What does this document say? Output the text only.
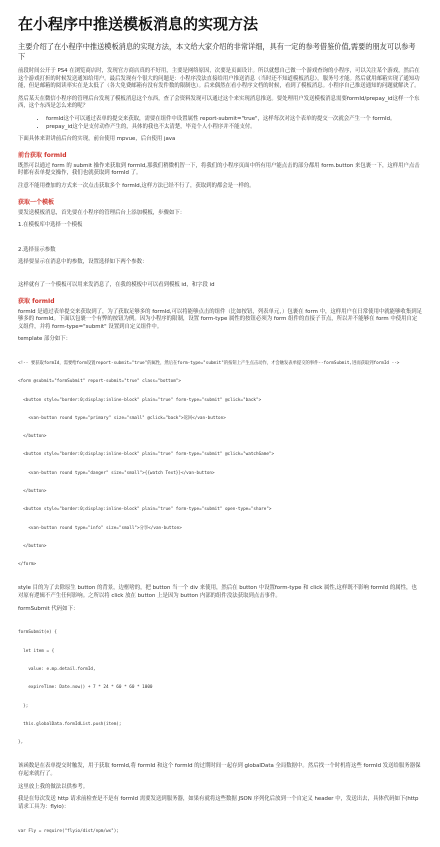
在小程序中推送模板消息的实现方法
主要介绍了在小程序中推送模板消息的实现方法，本文给大家介绍的非常详细，具有一定的参考借鉴价值,需要的朋友可以参考下
前段时间公开于 PS4 在浏览商店时，发现官方商店真的不好用，主要是网络原因，次要是页面设计。所以就想自己做一个游戏查询的小程序，可以关注某个游戏，然后在这个游戏打折的时候发送通知给用户。最后发现有个很大的问题是：小程序没法直接给用户推送消息（当时还不知道模板消息），服务号才能。然后就用邮箱实现了通知功能，但是邮箱的阅读率实在是太低了（各大免费邮箱有没有发件数的限制也）。后来偶然在看小程序文档的时候，看到了模板消息。小程序自己推送通知的问题就解决了。
然后某天在微信小程序的管理后台发现了模板消息这个东西，查了会资料发现可以通过这个来实现消息推送。要处理用户发送模板消息需要formId/prepay_id这样一个东西，这个东西是怎么来的呢？
• formId这个可以通过表单的提交来获取，需要在组件中设置属性 report-submit="true"，这样每次对这个表单的提交一次就会产生一个 formId。
• prepay_id这个是支付动作产生的，具体的我也不太清楚，毕竟个人小程序并不能支付。
下面具体来讲讲前后台的实现，前台使用 mpvue，后台使用 java
前台获取 formId
既然可以通过 form 的 submit 操作来获取到 formId,那我们稍微机智一下，将我们的小程序页面中所有用户能点击的部分都用 form.button 来包裹一下，这样用户点击时都有表单提交操作，我们也就获取到 formId 了。
注意不能用叠加的方式来一次点击获取多个 formId,这样方法已经不行了，获取到的都会是一样的。
获取一个模板
要发送模板消息，首先要在小程序的管理后台上添加模板，步骤如下：
1.在模板库中选择一个模板
2.选择显示参数
选择要显示在消息中的参数，设置选择如下两个参数：
这样就有了一个模板可以用来发消息了，在我的模板中可以看到模板 id，和字段 id
获取 formId
formId 是通过表单提交来获取到了，为了获取足够多的 formId,可以将能够点击的组件（比如按钮，列表单元，）包裹在 form 中，这样用户在日常使用中就能够收集到足够多的 formId。下面以包裹一个有弊的按钮为例。因为小程序的限制，设置 form-type 属性的按钮必须为 form 组件的直接子节点，所以并不能够在 form 中使用自定义组件，并将 form-type="submit" 设置到自定义组件中。
template 部分如下：

<!-- 要获取formId，需要给form设置report-submit="true"的属性，然后在form-type="submit"的按钮上产生点击动作，才会触发表单提交的事件--formSubmit,进而获取到formId -->

<form @submit="formSubmit" report-submit="true" class="bottom">

<button style="border:0;display:inline-block" plain="true" form-type="submit" @click="back">

<van-button round type="primary" size="small" @click="back">返回</van-button>

</button>

<button style="border:0;display:inline-block" plain="true" form-type="submit" @click="watchGame">

<van-button round type="danger" size="small">{{watch Text}}</van-button>

</button>

<button style="border:0;display:inline-block" plain="true" form-type="submit" open-type="share">

<van-button round type="info" size="small">分享</van-button>

</button>

</form>

style 目的为了去除原生 button 的背景，边框啥的，把 button 当一个 div 来使用，然后在 button 中设置form-type 和 click 属性,这样既不影响 formId 的属性，也对原有逻辑不产生任何影响。之所以将 click 放在 button 上是因为 button 内部的组件没法获取到点击事件。
formSubmit 代码如下：

formSubmit(e) {

let item = {

value: e.mp.detail.formId,

expireTime: Date.now() + 7 * 24 * 60 * 60 * 1000

};

this.globalData.formIdList.push(item);

},

该函数是在表单提交时触发，用于获取 formId,将 formId 和这个 formId 的过期时间一起存到 globalData 全局数据中。然后找一个时机将这些 formId 发送给服务器保存起来就行了。
这里放上我的做法以供参考。
我是在每次发送 http 请求前检查是不是有 formId 需要发送到服务器，如果有就将这些数据 JSON 序列化后放到一个自定义 header 中，发送出去，具体代码如下(http 请求工具为：flyio)：

var Fly = require("flyio/dist/npm/wx");
